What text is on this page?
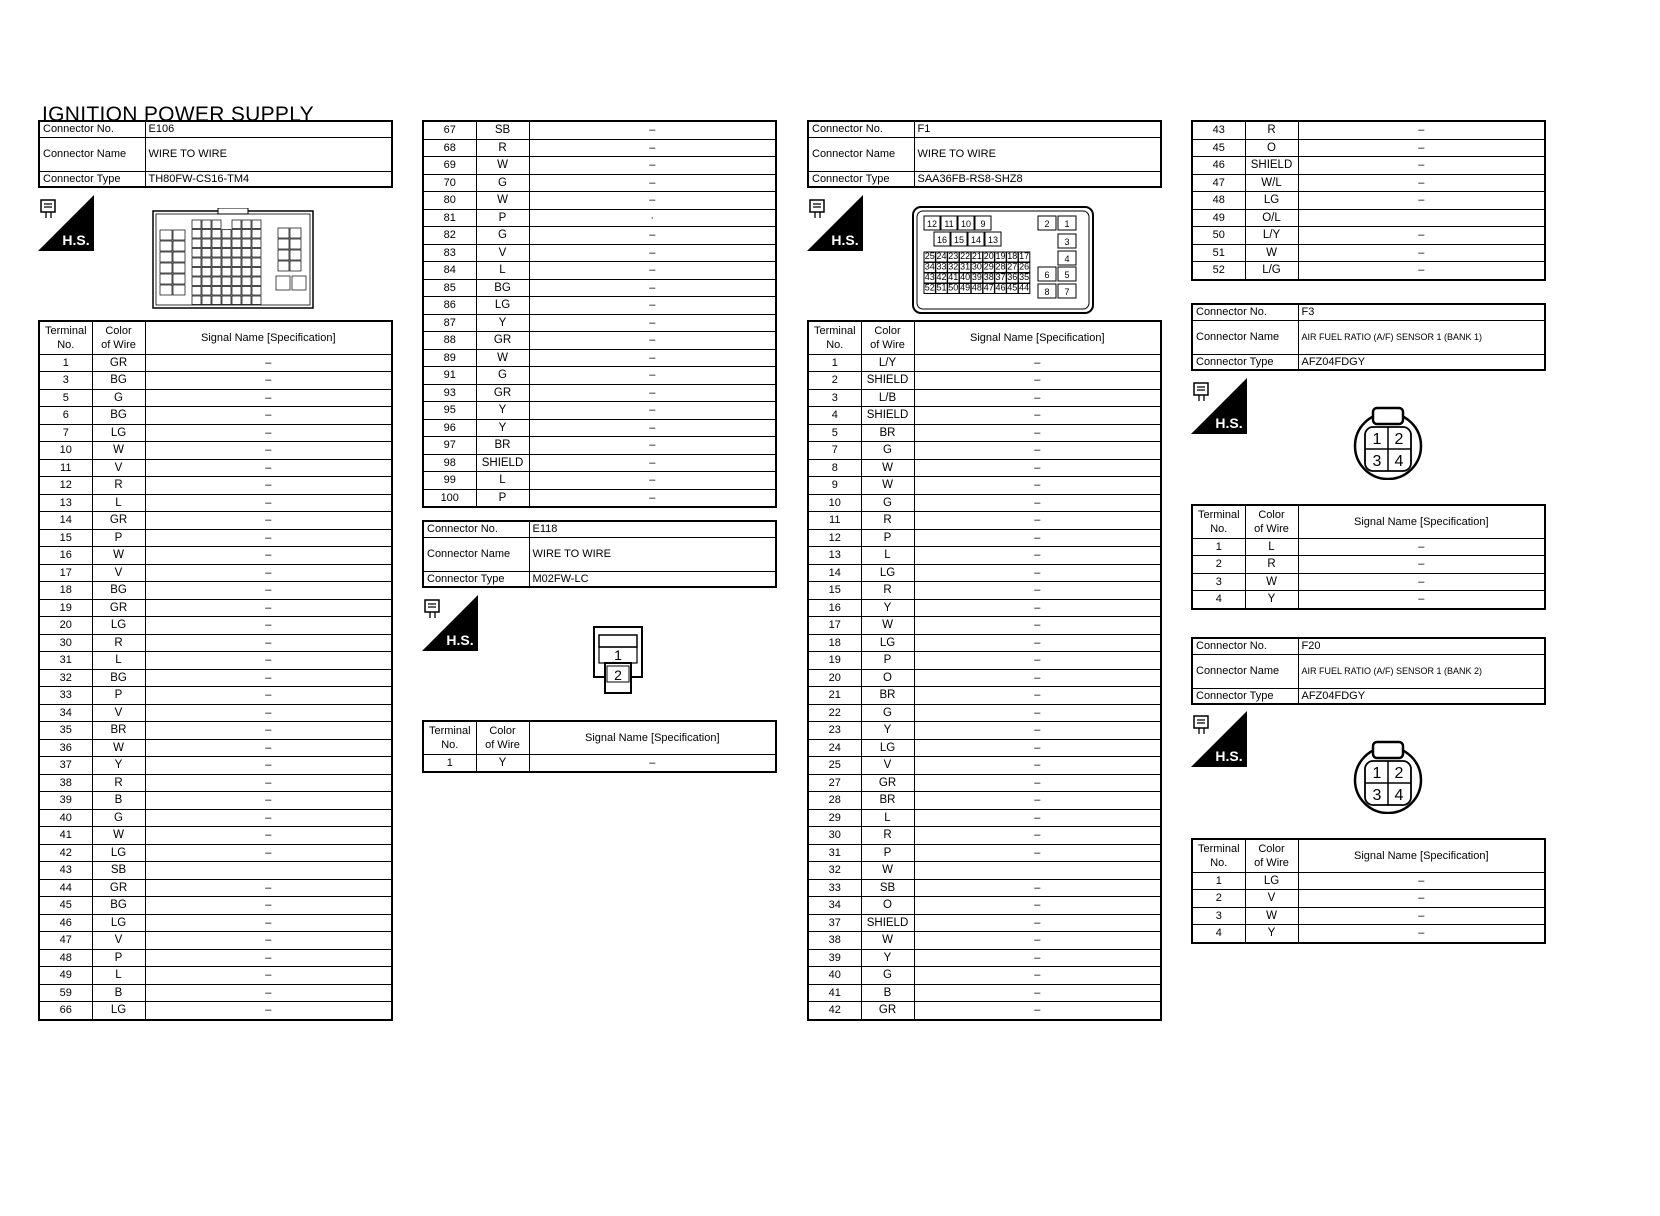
IGNITION POWER SUPPLY
Connector No.	E106
Connector Name	WIRE TO WIRE
Connector Type	TH80FW-CS16-TM4
H.S.
Terminal
No.	Color
of Wire	Signal Name [Specification]
1	GR	–
3	BG	–
5	G	–
6	BG	–
7	LG	–
10	W	–
11	V	–
12	R	–
13	L	–
14	GR	–
15	P	–
16	W	–
17	V	–
18	BG	–
19	GR	–
20	LG	–
30	R	–
31	L	–
32	BG	–
33	P	–
34	V	–
35	BR	–
36	W	–
37	Y	–
38	R	–
39	B	–
40	G	–
41	W	–
42	LG	–
43	SB	
44	GR	–
45	BG	–
46	LG	–
47	V	–
48	P	–
49	L	–
59	B	–
66	LG	–
67	SB	–
68	R	–
69	W	–
70	G	–
80	W	–
81	P	·
82	G	–
83	V	–
84	L	–
85	BG	–
86	LG	–
87	Y	–
88	GR	–
89	W	–
91	G	–
93	GR	–
95	Y	–
96	Y	–
97	BR	–
98	SHIELD	–
99	L	–
100	P	–
Connector No.	E118
Connector Name	WIRE TO WIRE
Connector Type	M02FW-LC
H.S.
1
2
Terminal
No.	Color
of Wire	Signal Name [Specification]
1	Y	–
Connector No.	F1
Connector Name	WIRE TO WIRE
Connector Type	SAA36FB-RS8-SHZ8
H.S.
12 11 10 9
16 15 14 13
25 24 23 22 21 20 19 18 17
34 33 32 31 30 29 28 27 26
43 42 41 40 39 38 37 36 35
52 51 50 49 48 47 46 45 44
2 1
3
4
6 5
8 7
Terminal
No.	Color
of Wire	Signal Name [Specification]
1	L/Y	–
2	SHIELD	–
3	L/B	–
4	SHIELD	–
5	BR	–
7	G	–
8	W	–
9	W	–
10	G	–
11	R	–
12	P	–
13	L	–
14	LG	–
15	R	–
16	Y	–
17	W	–
18	LG	–
19	P	–
20	O	–
21	BR	–
22	G	–
23	Y	–
24	LG	–
25	V	–
27	GR	–
28	BR	–
29	L	–
30	R	–
31	P	–
32	W	
33	SB	–
34	O	–
37	SHIELD	–
38	W	–
39	Y	–
40	G	–
41	B	–
42	GR	–
43	R	–
45	O	–
46	SHIELD	–
47	W/L	–
48	LG	–
49	O/L	
50	L/Y	–
51	W	–
52	L/G	–
Connector No.	F3
Connector Name	AIR FUEL RATIO (A/F) SENSOR 1 (BANK 1)
Connector Type	AFZ04FDGY
H.S.
1 2
3 4
Terminal
No.	Color
of Wire	Signal Name [Specification]
1	L	–
2	R	–
3	W	–
4	Y	–
Connector No.	F20
Connector Name	AIR FUEL RATIO (A/F) SENSOR 1 (BANK 2)
Connector Type	AFZ04FDGY
H.S.
1 2
3 4
Terminal
No.	Color
of Wire	Signal Name [Specification]
1	LG	–
2	V	–
3	W	–
4	Y	–
